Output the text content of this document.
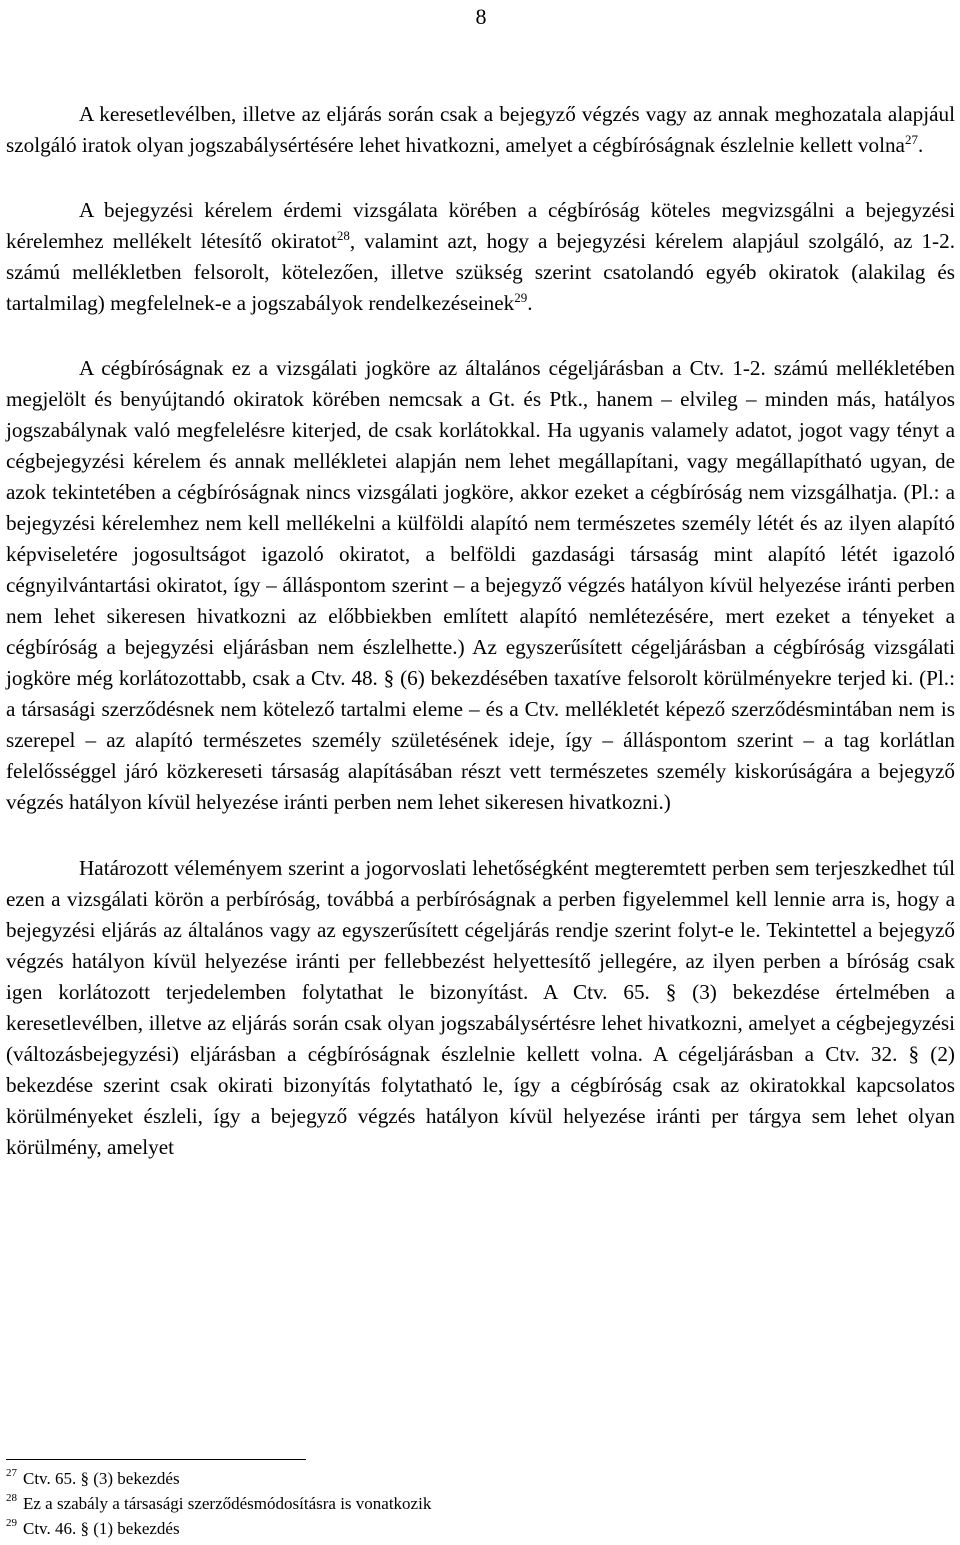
8

A keresetlevélben, illetve az eljárás során csak a bejegyző végzés vagy az annak meghozatala alapjául szolgáló iratok olyan jogszabálysértésére lehet hivatkozni, amelyet a cégbíróságnak észlelnie kellett volna$^{27}$.

A bejegyzési kérelem érdemi vizsgálata körében a cégbíróság köteles megvizsgálni a bejegyzési kérelemhez mellékelt létesítő okiratot$^{28}$, valamint azt, hogy a bejegyzési kérelem alapjául szolgáló, az 1-2. számú mellékletben felsorolt, kötelezően, illetve szükség szerint csatolandó egyéb okiratok (alakilag és tartalmilag) megfelelnek-e a jogszabályok rendelkezéseinek$^{29}$.

A cégbíróságnak ez a vizsgálati jogköre az általános cégeljárásban a Ctv. 1-2. számú mellékletében megjelölt és benyújtandó okiratok körében nemcsak a Gt. és Ptk., hanem – elvileg – minden más, hatályos jogszabálynak való megfelelésre kiterjed, de csak korlátokkal. Ha ugyanis valamely adatot, jogot vagy tényt a cégbejegyzési kérelem és annak mellékletei alapján nem lehet megállapítani, vagy megállapítható ugyan, de azok tekintetében a cégbíróságnak nincs vizsgálati jogköre, akkor ezeket a cégbíróság nem vizsgálhatja. (Pl.: a bejegyzési kérelemhez nem kell mellékelni a külföldi alapító nem természetes személy létét és az ilyen alapító képviseletére jogosultságot igazoló okiratot, a belföldi gazdasági társaság mint alapító létét igazoló cégnyilvántartási okiratot, így – álláspontom szerint – a bejegyző végzés hatályon kívül helyezése iránti perben nem lehet sikeresen hivatkozni az előbbiekben említett alapító nemlétezésére, mert ezeket a tényeket a cégbíróság a bejegyzési eljárásban nem észlelhette.) Az egyszerűsített cégeljárásban a cégbíróság vizsgálati jogköre még korlátozottabb, csak a Ctv. 48. § (6) bekezdésében taxatíve felsorolt körülményekre terjed ki. (Pl.: a társasági szerződésnek nem kötelező tartalmi eleme – és a Ctv. mellékletét képező szerződésmintában nem is szerepel – az alapító természetes személy születésének ideje, így – álláspontom szerint – a tag korlátlan felelősséggel járó közkereseti társaság alapításában részt vett természetes személy kiskorúságára a bejegyző végzés hatályon kívül helyezése iránti perben nem lehet sikeresen hivatkozni.)

Határozott véleményem szerint a jogorvoslati lehetőségként megteremtett perben sem terjeszkedhet túl ezen a vizsgálati körön a perbíróság, továbbá a perbíróságnak a perben figyelemmel kell lennie arra is, hogy a bejegyzési eljárás az általános vagy az egyszerűsített cégeljárás rendje szerint folyt-e le. Tekintettel a bejegyző végzés hatályon kívül helyezése iránti per fellebbezést helyettesítő jellegére, az ilyen perben a bíróság csak igen korlátozott terjedelemben folytathat le bizonyítást. A Ctv. 65. § (3) bekezdése értelmében a keresetlevélben, illetve az eljárás során csak olyan jogszabálysértésre lehet hivatkozni, amelyet a cégbejegyzési (változásbejegyzési) eljárásban a cégbíróságnak észlelnie kellett volna. A cégeljárásban a Ctv. 32. § (2) bekezdése szerint csak okirati bizonyítás folytatható le, így a cégbíróság csak az okiratokkal kapcsolatos körülményeket észleli, így a bejegyző végzés hatályon kívül helyezése iránti per tárgya sem lehet olyan körülmény, amelyet

$^{27}$ Ctv. 65. § (3) bekezdés
$^{28}$ Ez a szabály a társasági szerződésmódosításra is vonatkozik
$^{29}$ Ctv. 46. § (1) bekezdés
